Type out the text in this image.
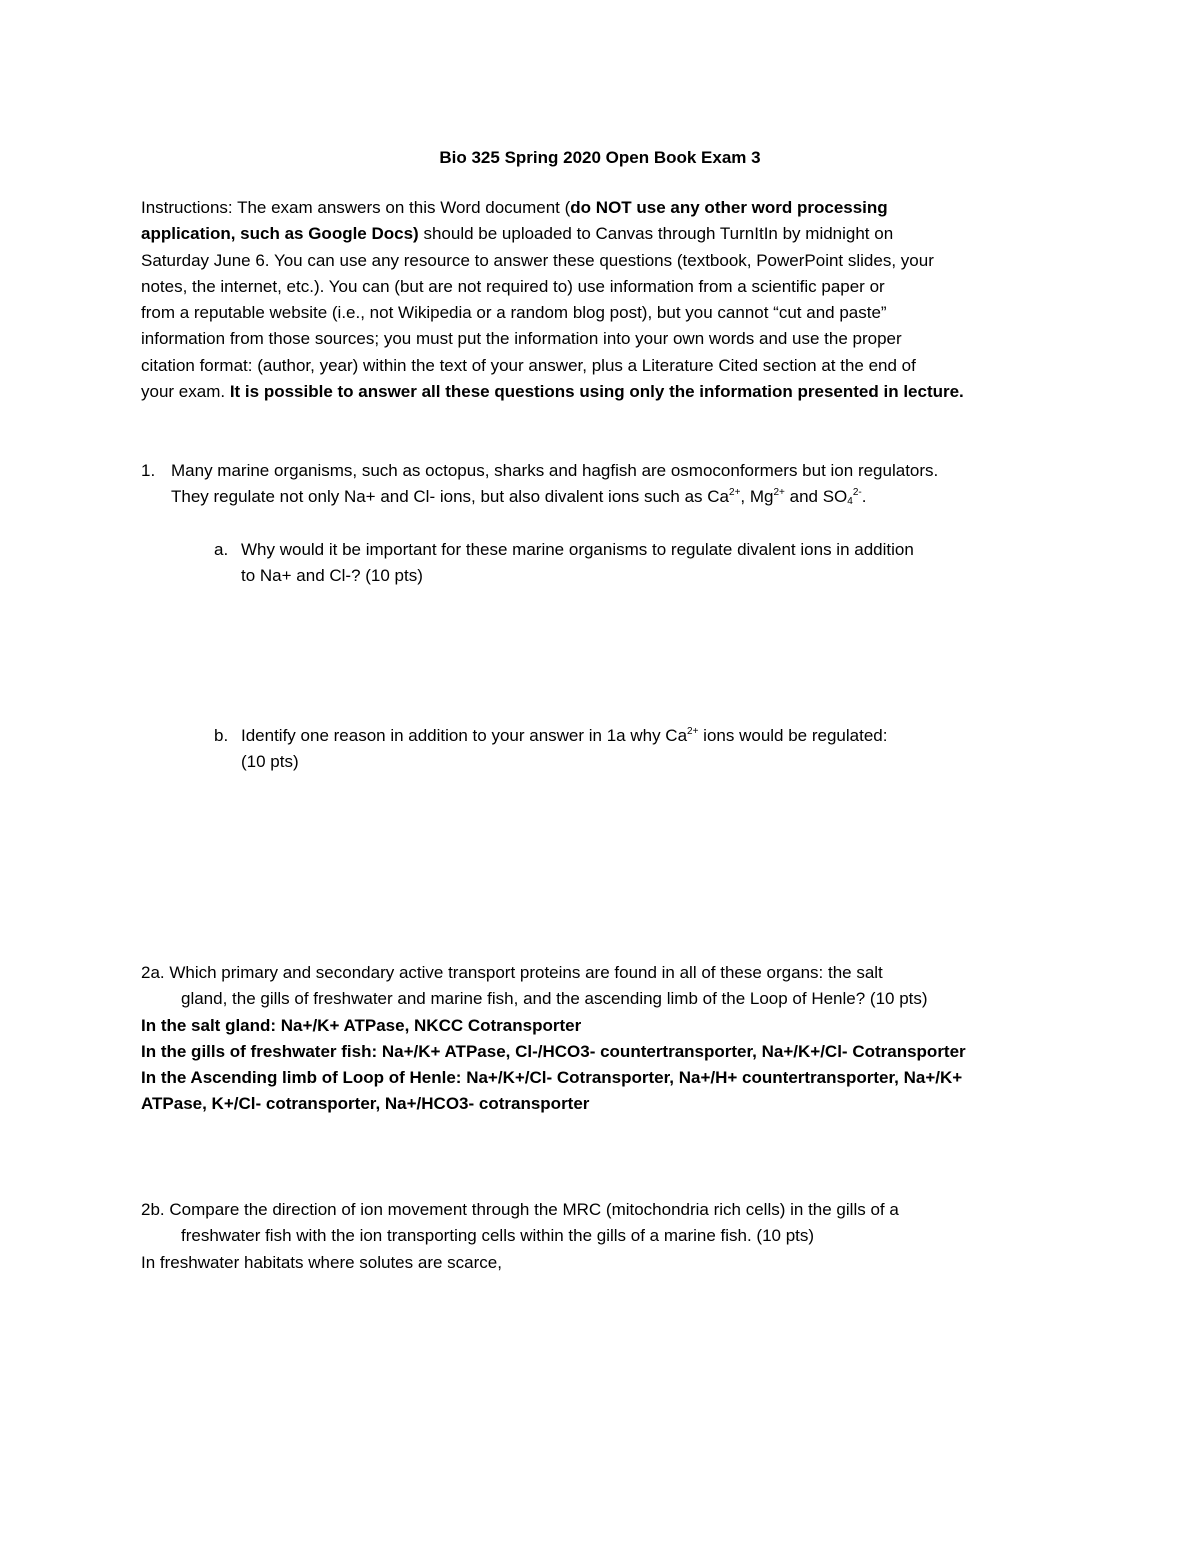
Bio 325 Spring 2020 Open Book Exam 3
Instructions: The exam answers on this Word document (do NOT use any other word processing
application, such as Google Docs) should be uploaded to Canvas through TurnItIn by midnight on
Saturday June 6. You can use any resource to answer these questions (textbook, PowerPoint slides, your
notes, the internet, etc.). You can (but are not required to) use information from a scientific paper or
from a reputable website (i.e., not Wikipedia or a random blog post), but you cannot “cut and paste”
information from those sources; you must put the information into your own words and use the proper
citation format: (author, year) within the text of your answer, plus a Literature Cited section at the end of
your exam. It is possible to answer all these questions using only the information presented in lecture.
1. Many marine organisms, such as octopus, sharks and hagfish are osmoconformers but ion regulators.
They regulate not only Na+ and Cl- ions, but also divalent ions such as $Ca^{2+}$, $Mg^{2+}$ and $SO_4^{2-}$.
a. Why would it be important for these marine organisms to regulate divalent ions in addition
to Na+ and Cl-? (10 pts)
b. Identify one reason in addition to your answer in 1a why $Ca^{2+}$ ions would be regulated:
(10 pts)
2a. Which primary and secondary active transport proteins are found in all of these organs: the salt
gland, the gills of freshwater and marine fish, and the ascending limb of the Loop of Henle? (10 pts)
In the salt gland: Na+/K+ ATPase, NKCC Cotransporter
In the gills of freshwater fish: Na+/K+ ATPase, Cl-/HCO3- countertransporter, Na+/K+/Cl- Cotransporter
In the Ascending limb of Loop of Henle: Na+/K+/Cl- Cotransporter, Na+/H+ countertransporter, Na+/K+
ATPase, K+/Cl- cotransporter, Na+/HCO3- cotransporter
2b. Compare the direction of ion movement through the MRC (mitochondria rich cells) in the gills of a
freshwater fish with the ion transporting cells within the gills of a marine fish. (10 pts)
In freshwater habitats where solutes are scarce,
